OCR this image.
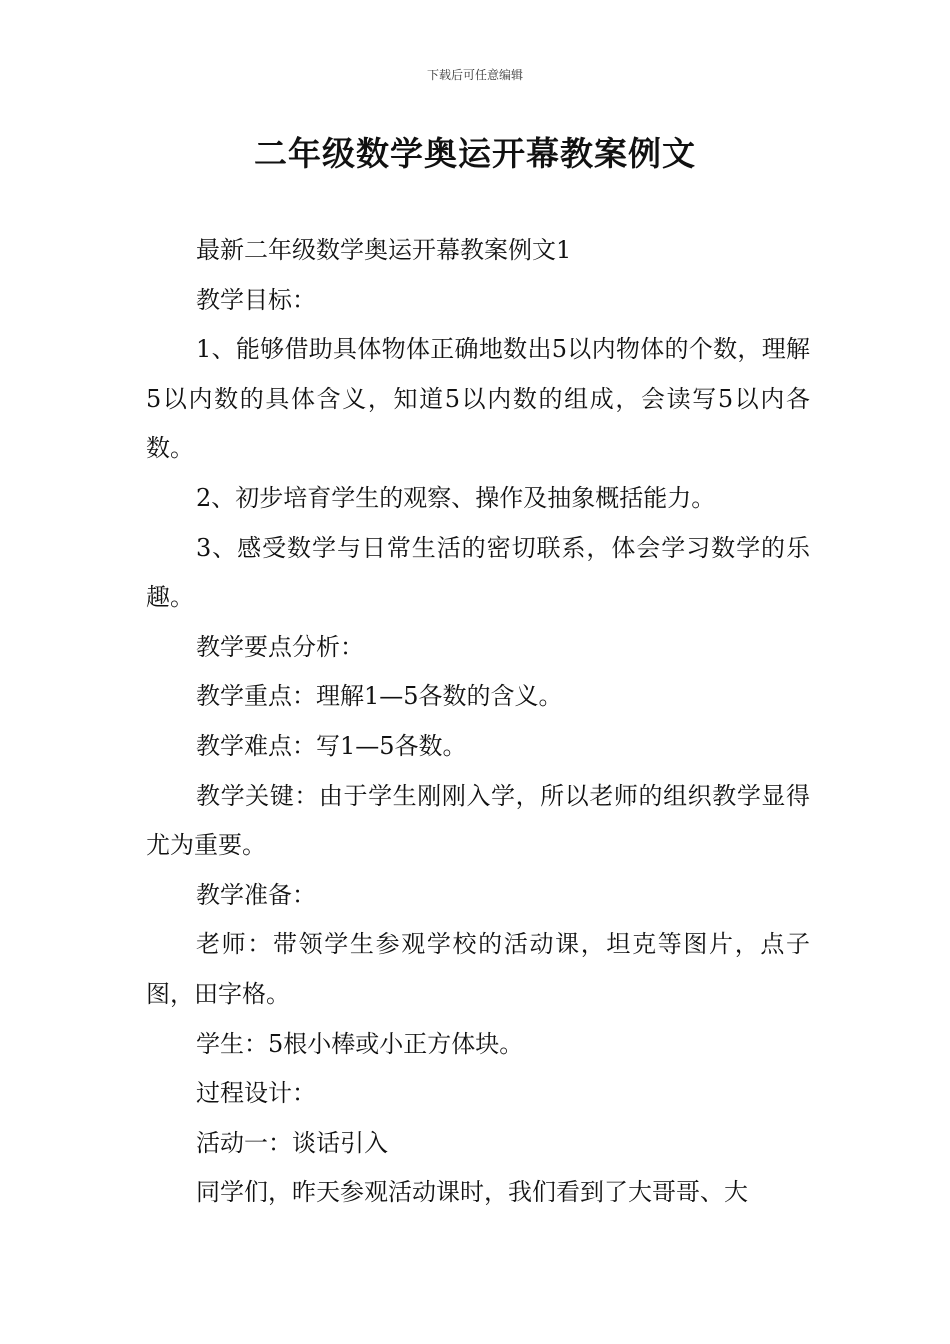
下载后可任意编辑
二年级数学奥运开幕教案例文

最新二年级数学奥运开幕教案例文1

教学目标：

1、能够借助具体物体正确地数出5以内物体的个数，理解5以内数的具体含义，知道5以内数的组成，会读写5以内各数。

2、初步培育学生的观察、操作及抽象概括能力。

3、感受数学与日常生活的密切联系，体会学习数学的乐趣。

教学要点分析：

教学重点：理解1—5各数的含义。

教学难点：写1—5各数。

教学关键：由于学生刚刚入学，所以老师的组织教学显得尤为重要。

教学准备：

老师：带领学生参观学校的活动课，坦克等图片，点子图，田字格。

学生：5根小棒或小正方体块。

过程设计：

活动一：谈话引入

同学们，昨天参观活动课时，我们看到了大哥哥、大
